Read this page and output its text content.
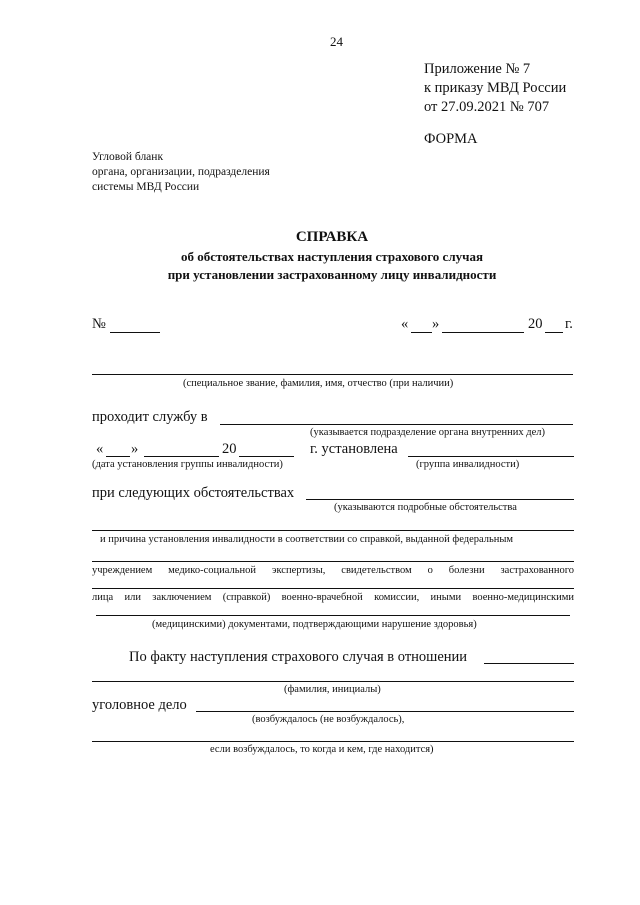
24
Приложение № 7
к приказу МВД России
от 27.09.2021 № 707
ФОРМА
Угловой бланк
органа, организации, подразделения
системы МВД России
СПРАВКА
об обстоятельствах наступления страхового случая
при установлении застрахованному лицу инвалидности
№	« »	20 г.
(специальное звание, фамилия, имя, отчество (при наличии)
проходит службу в
(указывается подразделение органа внутренних дел)
« »	20	г. установлена
(дата установления группы инвалидности)	(группа инвалидности)
при следующих обстоятельствах
(указываются подробные обстоятельства
и причина установления инвалидности в соответствии со справкой, выданной федеральным
учреждением медико-социальной экспертизы, свидетельством о болезни застрахованного
лица или заключением (справкой) военно-врачебной комиссии, иными военно-медицинскими
(медицинскими) документами, подтверждающими нарушение здоровья)
По факту наступления страхового случая в отношении
(фамилия, инициалы)
уголовное дело
(возбуждалось (не возбуждалось),
если возбуждалось, то когда и кем, где находится)
